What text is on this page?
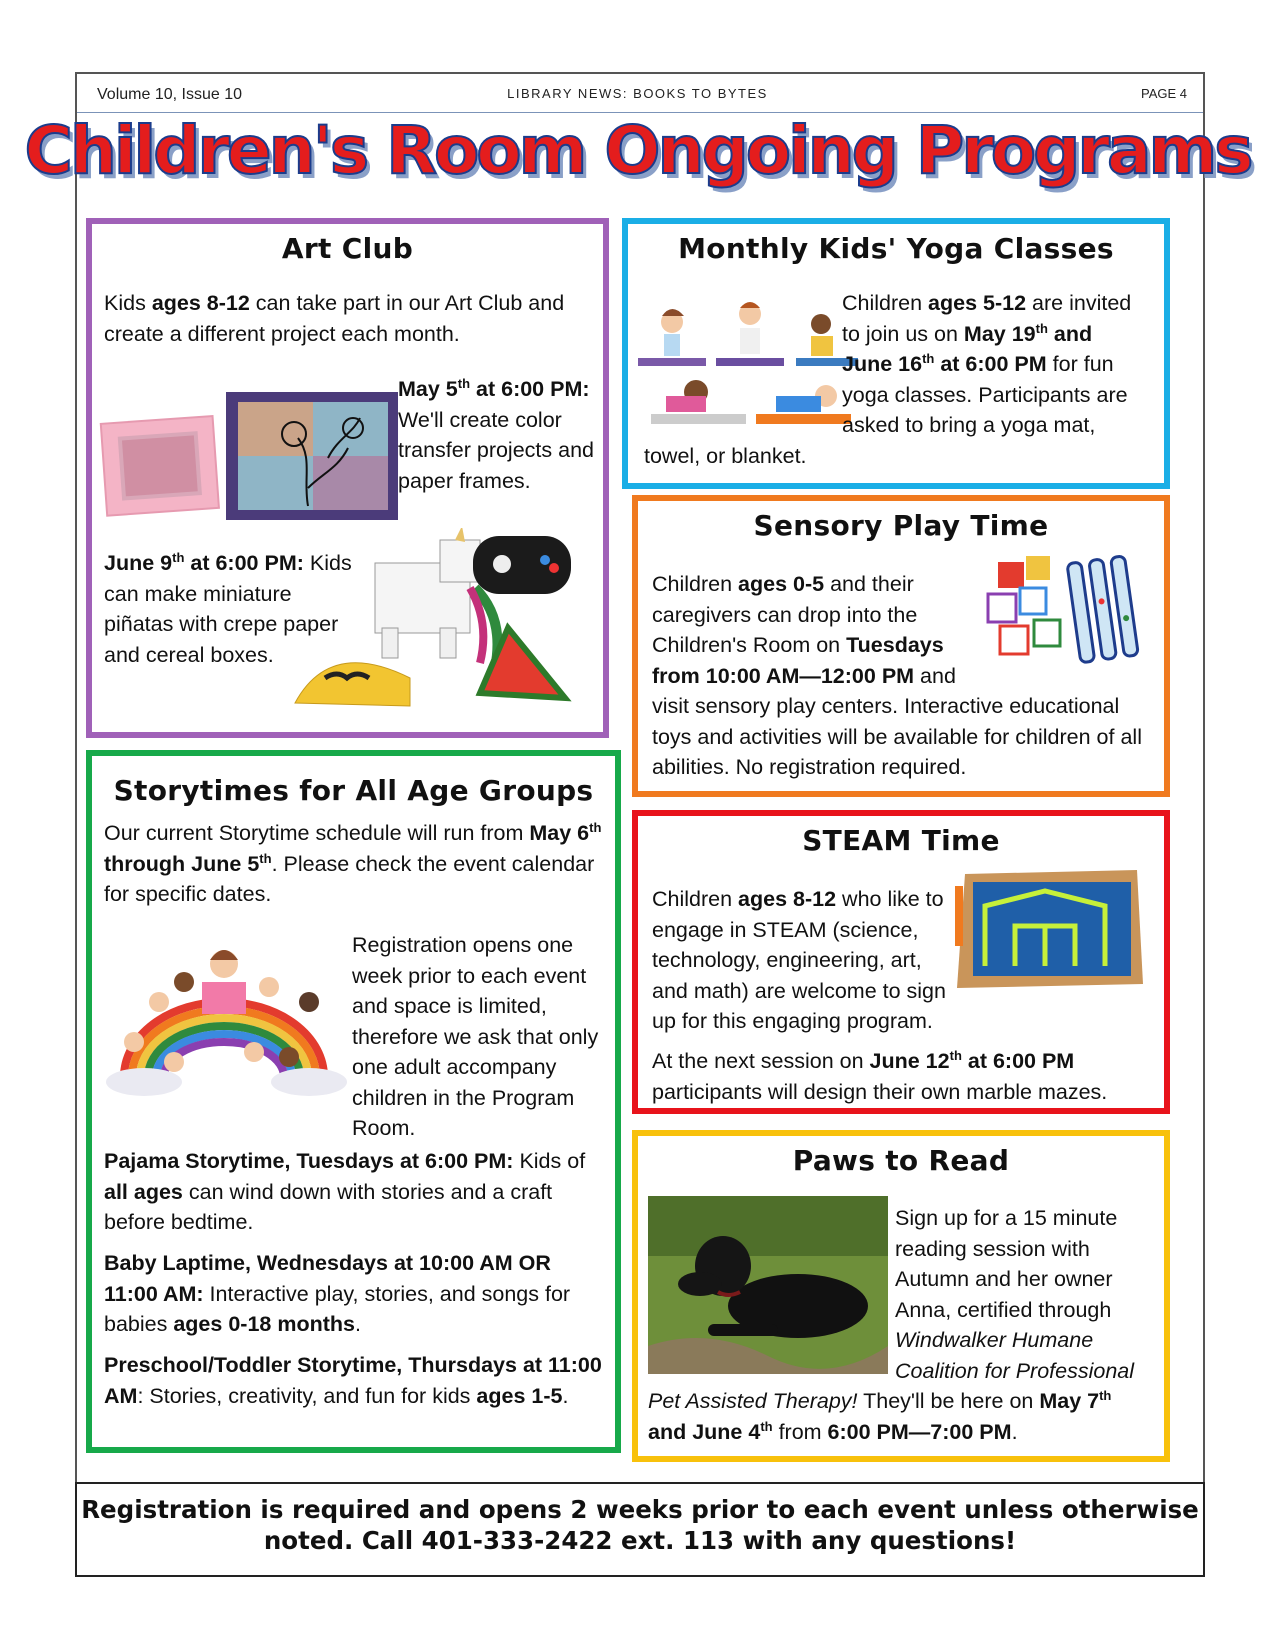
Volume 10, Issue 10	LIBRARY NEWS: BOOKS TO BYTES	PAGE 4
Children's Room Ongoing Programs
Art Club

Kids ages 8-12 can take part in our Art Club and create a different project each month.

May 5th at 6:00 PM: We'll create color transfer projects and paper frames.

June 9th at 6:00 PM: Kids can make miniature piñatas with crepe paper and cereal boxes.

Monthly Kids' Yoga Classes

Children ages 5-12 are invited to join us on May 19th and June 16th at 6:00 PM for fun yoga classes. Participants are asked to bring a yoga mat, towel, or blanket.

Sensory Play Time

Children ages 0-5 and their caregivers can drop into the Children's Room on Tuesdays from 10:00 AM—12:00 PM and visit sensory play centers. Interactive educational toys and activities will be available for children of all abilities. No registration required.

Storytimes for All Age Groups

Our current Storytime schedule will run from May 6th through June 5th. Please check the event calendar for specific dates.

Registration opens one week prior to each event and space is limited, therefore we ask that only one adult accompany children in the Program Room.

Pajama Storytime, Tuesdays at 6:00 PM: Kids of all ages can wind down with stories and a craft before bedtime.

Baby Laptime, Wednesdays at 10:00 AM OR 11:00 AM: Interactive play, stories, and songs for babies ages 0-18 months.

Preschool/Toddler Storytime, Thursdays at 11:00 AM: Stories, creativity, and fun for kids ages 1-5.

STEAM Time

Children ages 8-12 who like to engage in STEAM (science, technology, engineering, art, and math) are welcome to sign up for this engaging program.

At the next session on June 12th at 6:00 PM participants will design their own marble mazes.

Paws to Read

Sign up for a 15 minute reading session with Autumn and her owner Anna, certified through Windwalker Humane Coalition for Professional Pet Assisted Therapy! They'll be here on May 7th and June 4th from 6:00 PM—7:00 PM.

Registration is required and opens 2 weeks prior to each event unless otherwise noted. Call 401-333-2422 ext. 113 with any questions!
